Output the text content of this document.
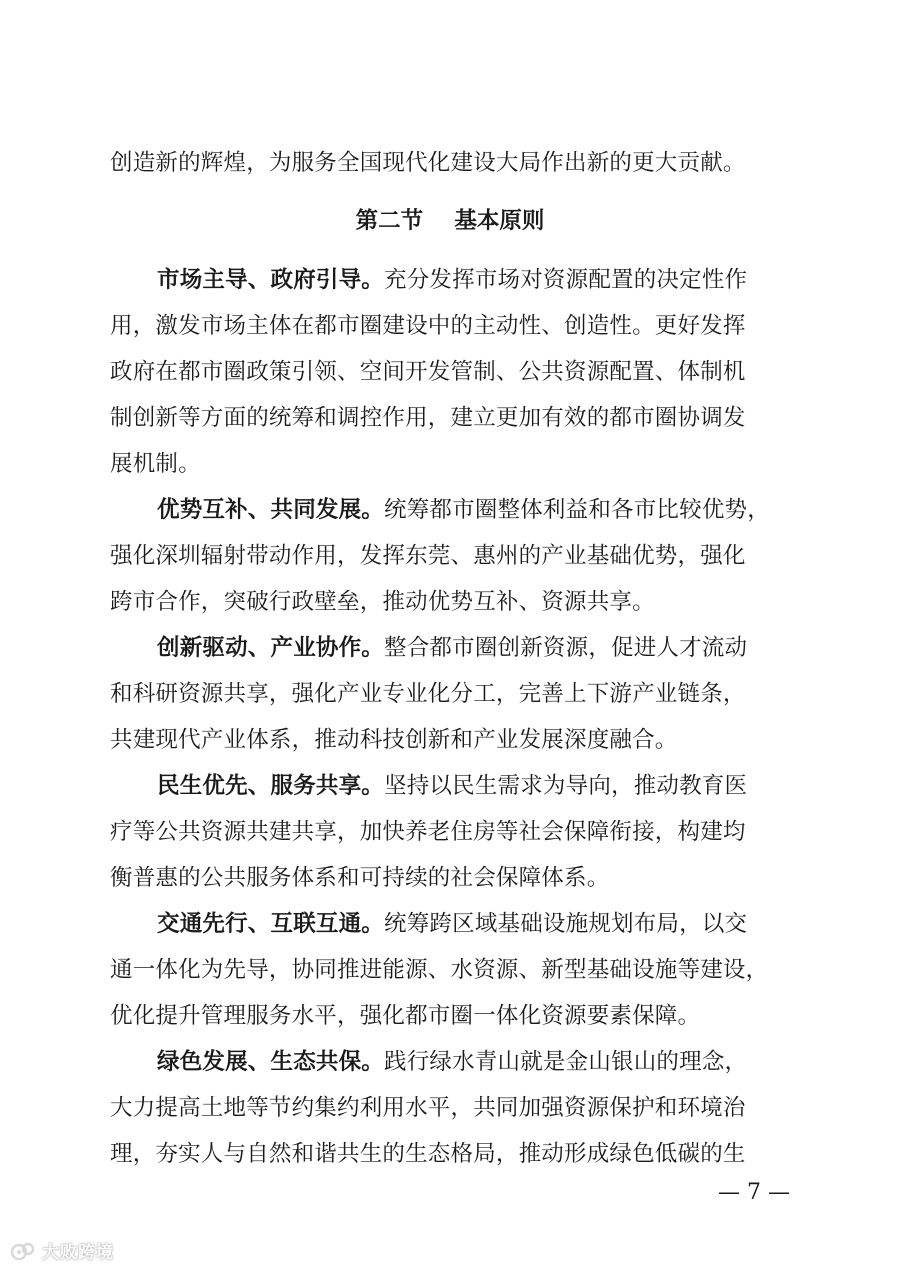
创造新的辉煌，为服务全国现代化建设大局作出新的更大贡献。
第二节    基本原则
市场主导、政府引导。充分发挥市场对资源配置的决定性作
用，激发市场主体在都市圈建设中的主动性、创造性。更好发挥
政府在都市圈政策引领、空间开发管制、公共资源配置、体制机
制创新等方面的统筹和调控作用，建立更加有效的都市圈协调发
展机制。
优势互补、共同发展。统筹都市圈整体利益和各市比较优势，
强化深圳辐射带动作用，发挥东莞、惠州的产业基础优势，强化
跨市合作，突破行政壁垒，推动优势互补、资源共享。
创新驱动、产业协作。整合都市圈创新资源，促进人才流动
和科研资源共享，强化产业专业化分工，完善上下游产业链条，
共建现代产业体系，推动科技创新和产业发展深度融合。
民生优先、服务共享。坚持以民生需求为导向，推动教育医
疗等公共资源共建共享，加快养老住房等社会保障衔接，构建均
衡普惠的公共服务体系和可持续的社会保障体系。
交通先行、互联互通。统筹跨区域基础设施规划布局，以交
通一体化为先导，协同推进能源、水资源、新型基础设施等建设，
优化提升管理服务水平，强化都市圈一体化资源要素保障。
绿色发展、生态共保。践行绿水青山就是金山银山的理念，
大力提高土地等节约集约利用水平，共同加强资源保护和环境治
理，夯实人与自然和谐共生的生态格局，推动形成绿色低碳的生
— 7 —
大败跨境
